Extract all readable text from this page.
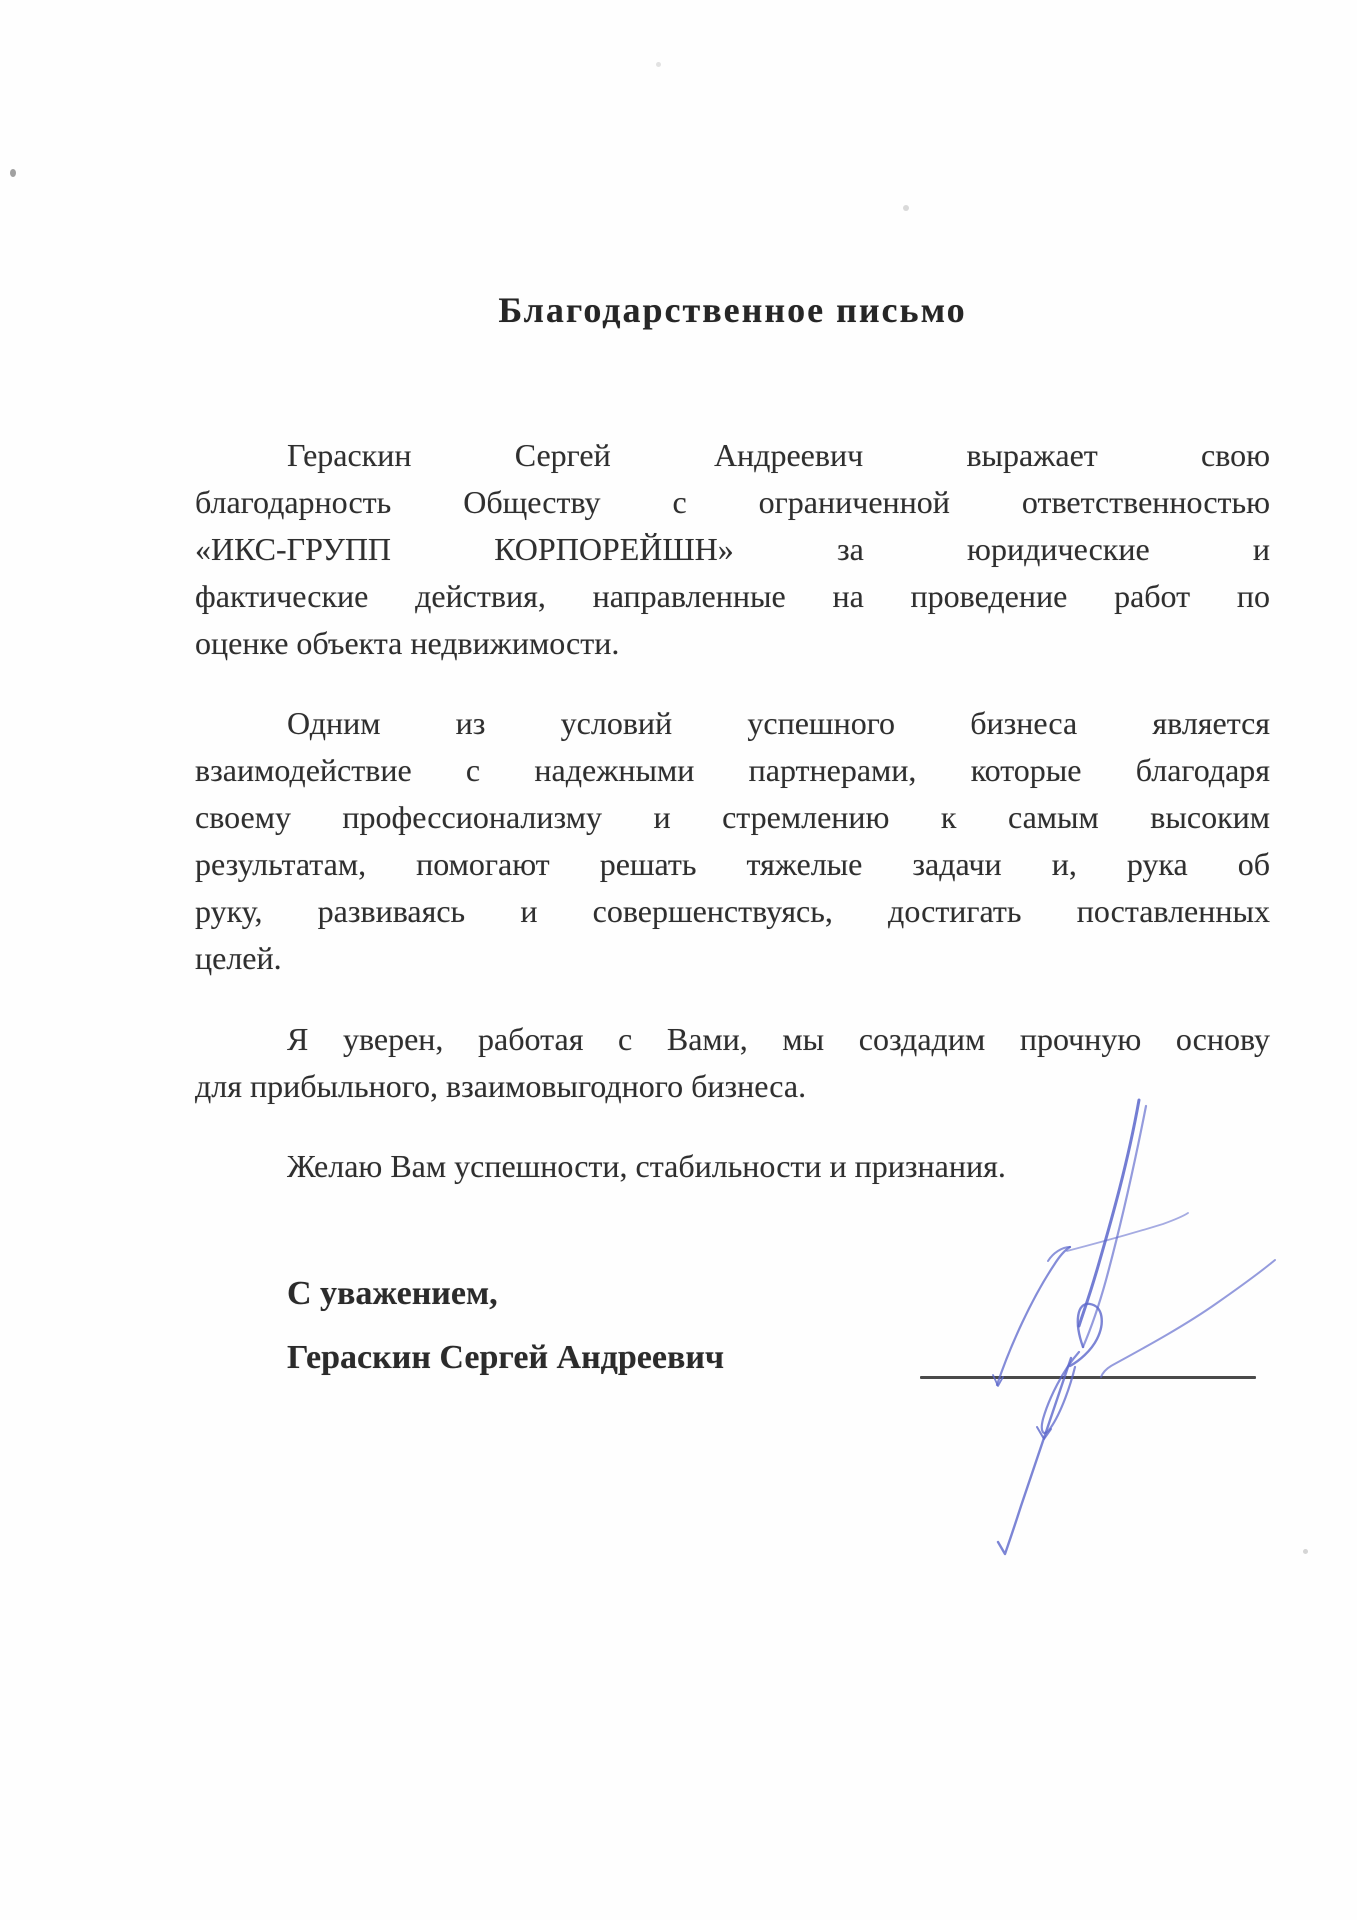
Благодарственное письмо
Гераскин Сергей Андреевич выражает свою
благодарность Обществу с ограниченной ответственностью
«ИКС-ГРУПП КОРПОРЕЙШН» за юридические и
фактические действия, направленные на проведение работ по
оценке объекта недвижимости.
Одним из условий успешного бизнеса является
взаимодействие с надежными партнерами, которые благодаря
своему профессионализму и стремлению к самым высоким
результатам, помогают решать тяжелые задачи и, рука об
руку, развиваясь и совершенствуясь, достигать поставленных
целей.
Я уверен, работая с Вами, мы создадим прочную основу
для прибыльного, взаимовыгодного бизнеса.
Желаю Вам успешности, стабильности и признания.
С уважением,
Гераскин Сергей Андреевич
